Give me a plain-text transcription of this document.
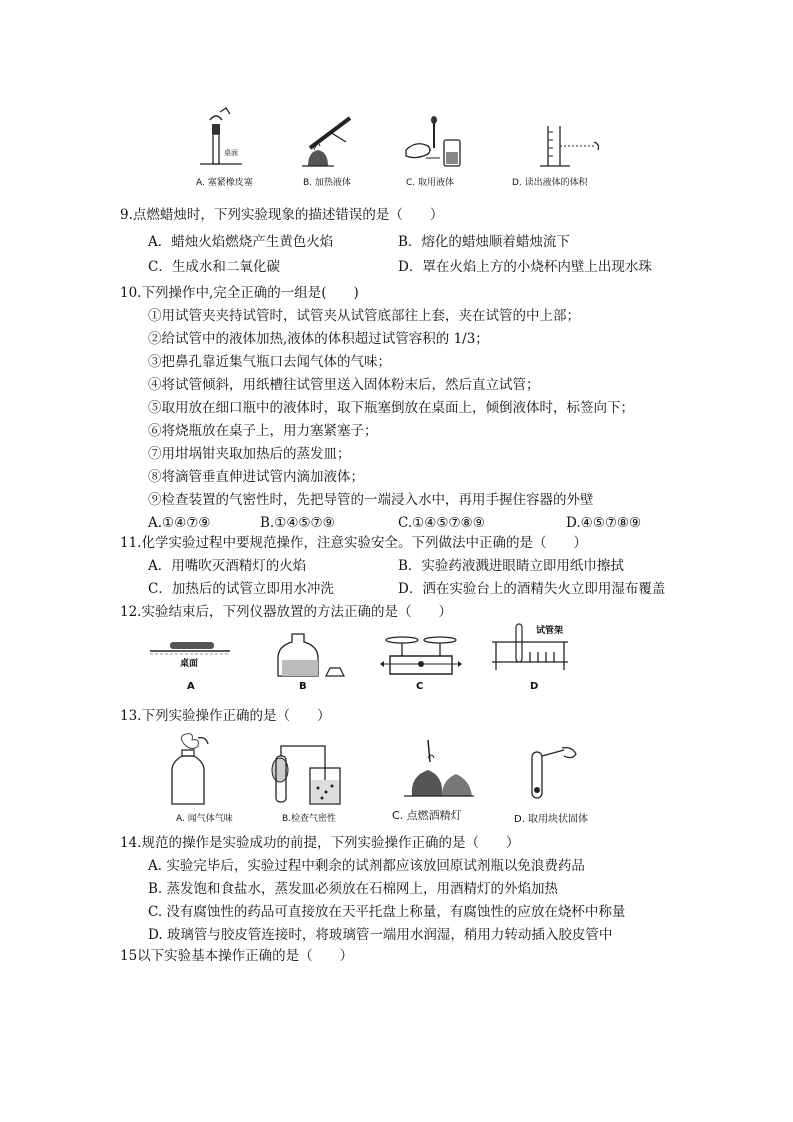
桌面
A. 塞紧橡皮塞	B. 加热液体	C. 取用液体	D. 读出液体的体积
9.点燃蜡烛时，下列实验现象的描述错误的是（　　）
A．蜡烛火焰燃烧产生黄色火焰	B．熔化的蜡烛顺着蜡烛流下
C．生成水和二氧化碳	D．罩在火焰上方的小烧杯内壁上出现水珠
10.下列操作中,完全正确的一组是(　　)
①用试管夹夹持试管时，试管夹从试管底部往上套，夹在试管的中上部；
②给试管中的液体加热,液体的体积超过试管容积的 1/3；
③把鼻孔靠近集气瓶口去闻气体的气味；
④将试管倾斜，用纸槽往试管里送入固体粉末后，然后直立试管；
⑤取用放在细口瓶中的液体时，取下瓶塞倒放在桌面上，倾倒液体时，标签向下；
⑥将烧瓶放在桌子上，用力塞紧塞子；
⑦用坩埚钳夹取加热后的蒸发皿；
⑧将滴管垂直伸进试管内滴加液体；
⑨检查装置的气密性时，先把导管的一端浸入水中，再用手握住容器的外壁
A.①④⑦⑨	B.①④⑤⑦⑨	C.①④⑤⑦⑧⑨	D.④⑤⑦⑧⑨
11.化学实验过程中要规范操作，注意实验安全。下列做法中正确的是（　　）
A．用嘴吹灭酒精灯的火焰	B．实验药液溅进眼睛立即用纸巾擦拭
C．加热后的试管立即用水冲洗	D．洒在实验台上的酒精失火立即用湿布覆盖
12.实验结束后，下列仪器放置的方法正确的是（　　）
桌面
试管架
A	B	C	D
13.下列实验操作正确的是（　　）
A. 闻气体气味	B.检查气密性	C. 点燃酒精灯	D. 取用块状固体
14.规范的操作是实验成功的前提，下列实验操作正确的是（　　）
A. 实验完毕后，实验过程中剩余的试剂都应该放回原试剂瓶以免浪费药品
B. 蒸发饱和食盐水，蒸发皿必须放在石棉网上，用酒精灯的外焰加热
C. 没有腐蚀性的药品可直接放在天平托盘上称量，有腐蚀性的应放在烧杯中称量
D. 玻璃管与胶皮管连接时，将玻璃管一端用水润湿，稍用力转动插入胶皮管中
15以下实验基本操作正确的是（　　）
